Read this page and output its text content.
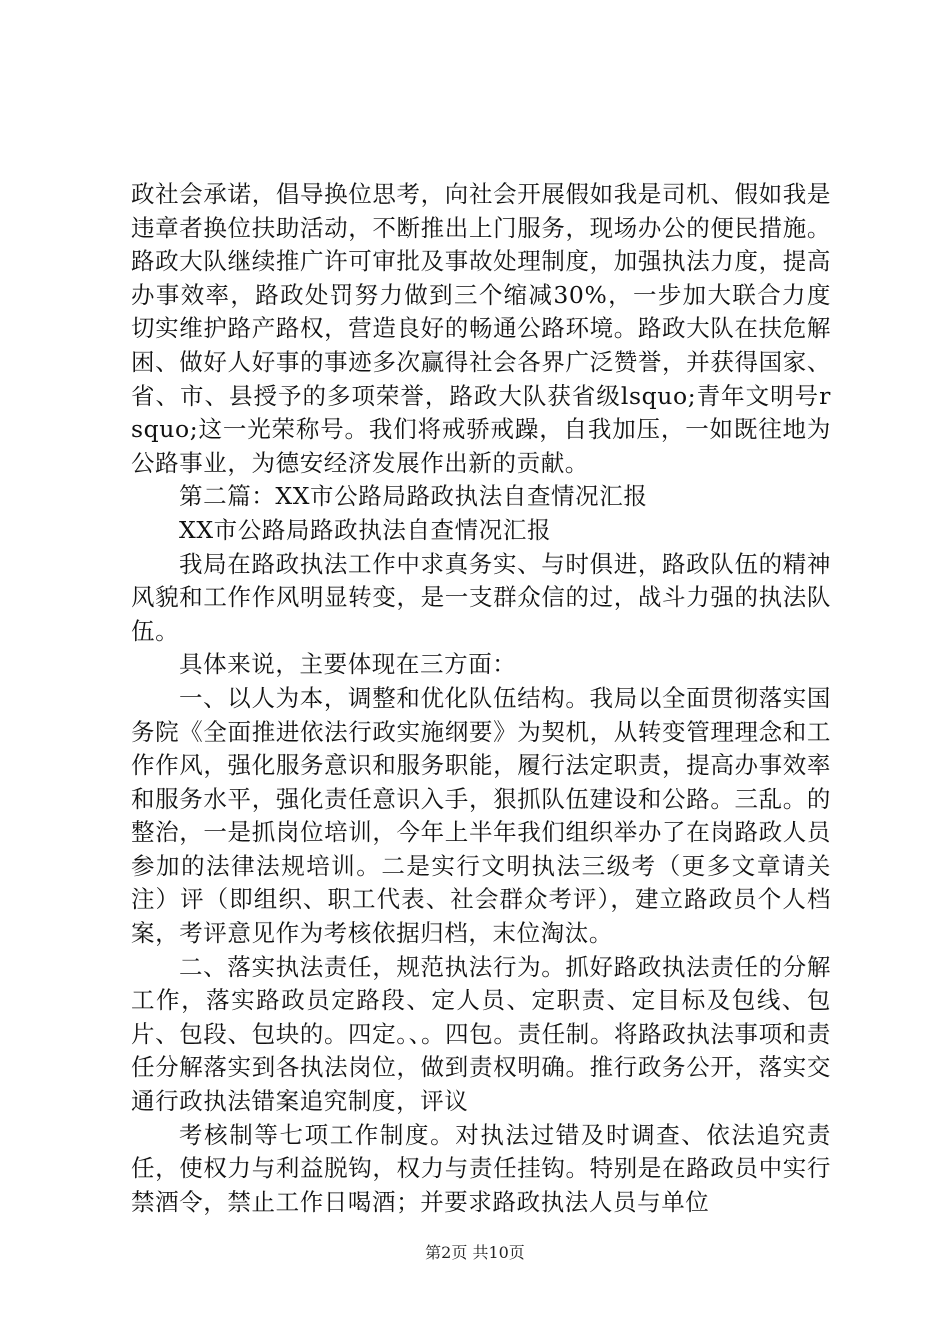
政社会承诺，倡导换位思考，向社会开展假如我是司机、假如我是违章者换位扶助活动，不断推出上门服务，现场办公的便民措施。路政大队继续推广许可审批及事故处理制度，加强执法力度，提高办事效率，路政处罚努力做到三个缩减30%，一步加大联合力度切实维护路产路权，营造良好的畅通公路环境。路政大队在扶危解困、做好人好事的事迹多次赢得社会各界广泛赞誉，并获得国家、省、市、县授予的多项荣誉，路政大队获省级lsquo;青年文明号rsquo;这一光荣称号。我们将戒骄戒躁，自我加压，一如既往地为公路事业，为德安经济发展作出新的贡献。

第二篇：XX市公路局路政执法自查情况汇报

XX市公路局路政执法自查情况汇报

我局在路政执法工作中求真务实、与时俱进，路政队伍的精神风貌和工作作风明显转变，是一支群众信的过，战斗力强的执法队伍。

具体来说，主要体现在三方面：

一、以人为本，调整和优化队伍结构。我局以全面贯彻落实国务院《全面推进依法行政实施纲要》为契机，从转变管理理念和工作作风，强化服务意识和服务职能，履行法定职责，提高办事效率和服务水平，强化责任意识入手，狠抓队伍建设和公路。三乱。的整治，一是抓岗位培训，今年上半年我们组织举办了在岗路政人员参加的法律法规培训。二是实行文明执法三级考（更多文章请关注）评（即组织、职工代表、社会群众考评），建立路政员个人档案，考评意见作为考核依据归档，末位淘汰。

二、落实执法责任，规范执法行为。抓好路政执法责任的分解工作，落实路政员定路段、定人员、定职责、定目标及包线、包片、包段、包块的。四定。、。四包。责任制。将路政执法事项和责任分解落实到各执法岗位，做到责权明确。推行政务公开，落实交通行政执法错案追究制度，评议

考核制等七项工作制度。对执法过错及时调查、依法追究责任，使权力与利益脱钩，权力与责任挂钩。特别是在路政员中实行禁酒令，禁止工作日喝酒；并要求路政执法人员与单位

第2页 共10页
